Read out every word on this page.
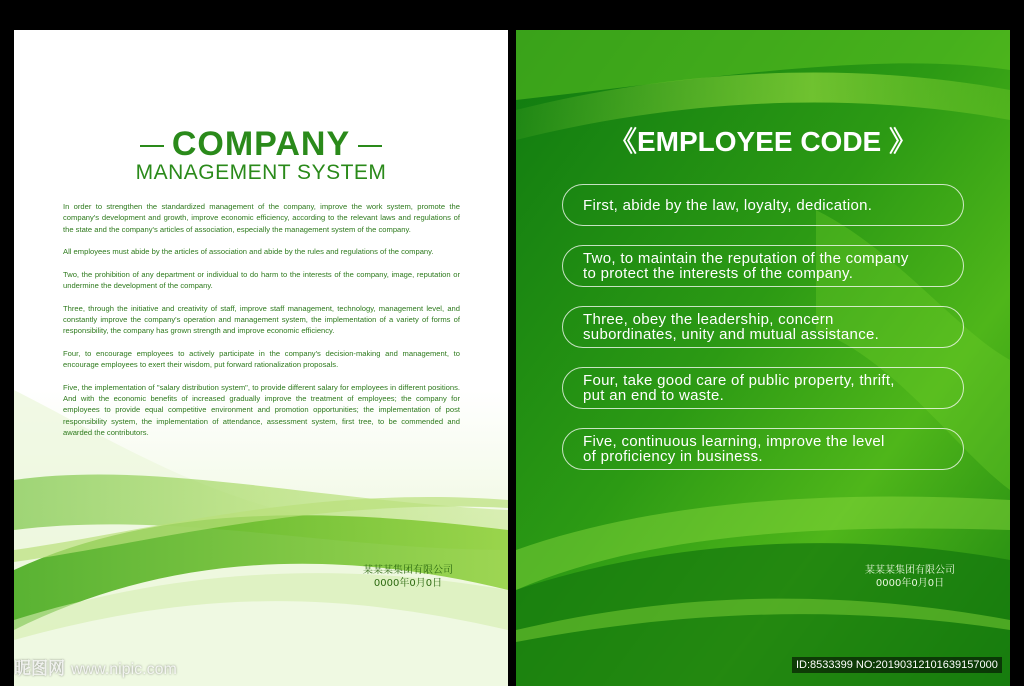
COMPANY
MANAGEMENT SYSTEM

In order to strengthen the standardized management of the company, improve the work system, promote the company's development and growth, improve economic efficiency, according to the relevant laws and regulations of the state and the company's articles of association, especially the management system of the company.

All employees must abide by the articles of association and abide by the rules and regulations of the company.

Two, the prohibition of any department or individual to do harm to the interests of the company, image, reputation or undermine the development of the company.

Three, through the initiative and creativity of staff, improve staff management, technology, management level, and constantly improve the company's operation and management system, the implementation of a variety of forms of responsibility, the company has grown strength and improve economic efficiency.

Four, to encourage employees to actively participate in the company's decision-making and management, to encourage employees to exert their wisdom, put forward rationalization proposals.

Five, the implementation of "salary distribution system", to provide different salary for employees in different positions. And with the economic benefits of increased gradually improve the treatment of employees; the company for employees to provide equal competitive environment and promotion opportunities; the implementation of post responsibility system, the implementation of attendance, assessment system, first tree, to be commended and awarded the contributors.

某某某集团有限公司
0000年0月0日
《EMPLOYEE CODE 》
First, abide by the law, loyalty, dedication.
Two, to maintain the reputation of the company
to protect the interests of the company.
Three, obey the leadership, concern
subordinates, unity and mutual assistance.
Four, take good care of public property, thrift,
put an end to waste.
Five, continuous learning, improve the level
of proficiency in business.
某某某集团有限公司
0000年0月0日
昵图网 www.nipic.com	ID:8533399 NO:20190312101639157000
